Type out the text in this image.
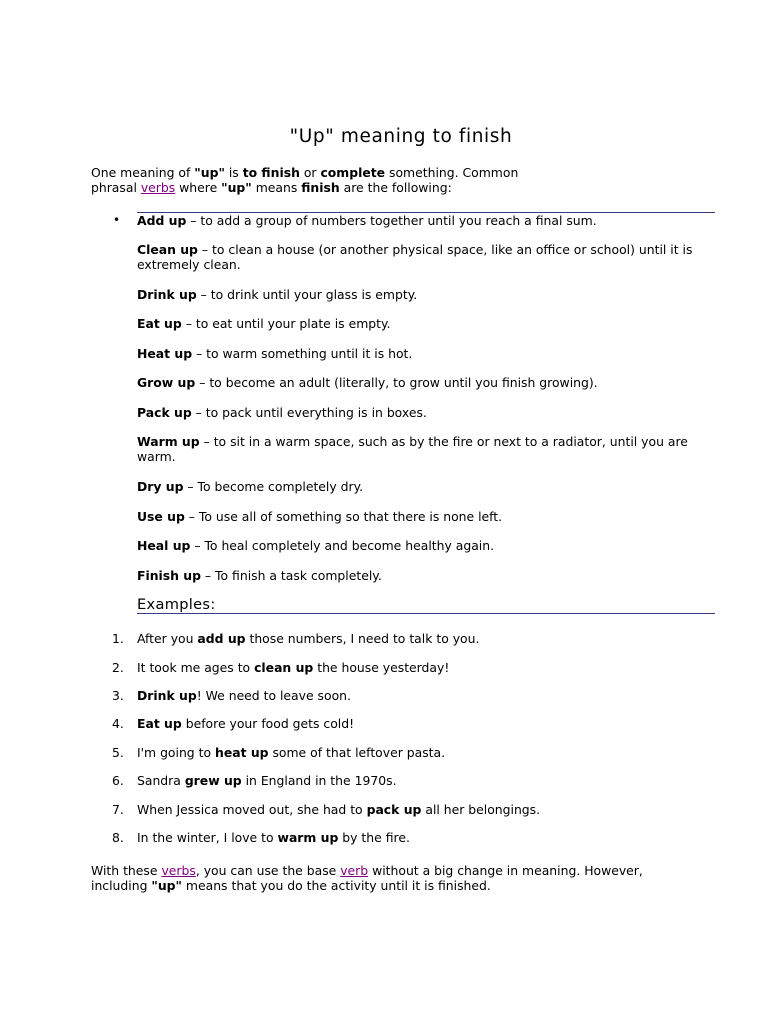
"Up" meaning to finish

One meaning of "up" is to finish or complete something. Common
phrasal verbs where "up" means finish are the following:

• Add up – to add a group of numbers together until you reach a final sum.
Clean up – to clean a house (or another physical space, like an office or school) until it is extremely clean.
Drink up – to drink until your glass is empty.
Eat up – to eat until your plate is empty.
Heat up – to warm something until it is hot.
Grow up – to become an adult (literally, to grow until you finish growing).
Pack up – to pack until everything is in boxes.
Warm up – to sit in a warm space, such as by the fire or next to a radiator, until you are warm.
Dry up – To become completely dry.
Use up – To use all of something so that there is none left.
Heal up – To heal completely and become healthy again.
Finish up – To finish a task completely.
Examples:
1. After you add up those numbers, I need to talk to you.
2. It took me ages to clean up the house yesterday!
3. Drink up! We need to leave soon.
4. Eat up before your food gets cold!
5. I'm going to heat up some of that leftover pasta.
6. Sandra grew up in England in the 1970s.
7. When Jessica moved out, she had to pack up all her belongings.
8. In the winter, I love to warm up by the fire.

With these verbs, you can use the base verb without a big change in meaning. However,
including "up" means that you do the activity until it is finished.
